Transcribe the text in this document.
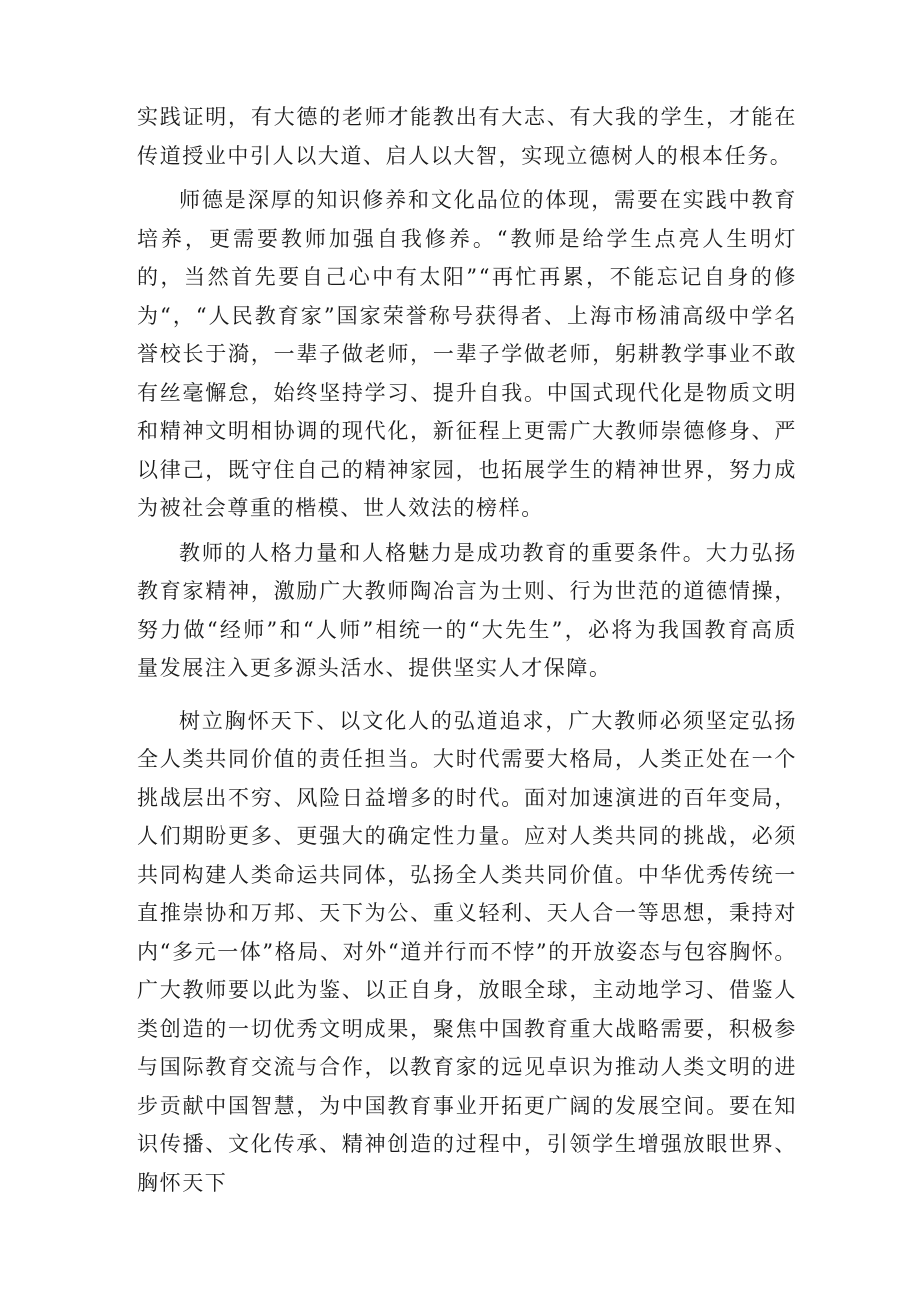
实践证明，有大德的老师才能教出有大志、有大我的学生，才能在传道授业中引人以大道、启人以大智，实现立德树人的根本任务。

师德是深厚的知识修养和文化品位的体现，需要在实践中教育培养，更需要教师加强自我修养。“教师是给学生点亮人生明灯的，当然首先要自己心中有太阳”“再忙再累，不能忘记自身的修为“，“人民教育家”国家荣誉称号获得者、上海市杨浦高级中学名誉校长于漪，一辈子做老师，一辈子学做老师，躬耕教学事业不敢有丝毫懈怠，始终坚持学习、提升自我。中国式现代化是物质文明和精神文明相协调的现代化，新征程上更需广大教师崇德修身、严以律己，既守住自己的精神家园，也拓展学生的精神世界，努力成为被社会尊重的楷模、世人效法的榜样。

教师的人格力量和人格魅力是成功教育的重要条件。大力弘扬教育家精神，激励广大教师陶冶言为士则、行为世范的道德情操，努力做“经师”和“人师”相统一的“大先生”，必将为我国教育高质量发展注入更多源头活水、提供坚实人才保障。

树立胸怀天下、以文化人的弘道追求，广大教师必须坚定弘扬全人类共同价值的责任担当。大时代需要大格局，人类正处在一个挑战层出不穷、风险日益增多的时代。面对加速演进的百年变局，人们期盼更多、更强大的确定性力量。应对人类共同的挑战，必须共同构建人类命运共同体，弘扬全人类共同价值。中华优秀传统一直推崇协和万邦、天下为公、重义轻利、天人合一等思想，秉持对内“多元一体”格局、对外“道并行而不悖”的开放姿态与包容胸怀。广大教师要以此为鉴、以正自身，放眼全球，主动地学习、借鉴人类创造的一切优秀文明成果，聚焦中国教育重大战略需要，积极参与国际教育交流与合作，以教育家的远见卓识为推动人类文明的进步贡献中国智慧，为中国教育事业开拓更广阔的发展空间。要在知识传播、文化传承、精神创造的过程中，引领学生增强放眼世界、胸怀天下
